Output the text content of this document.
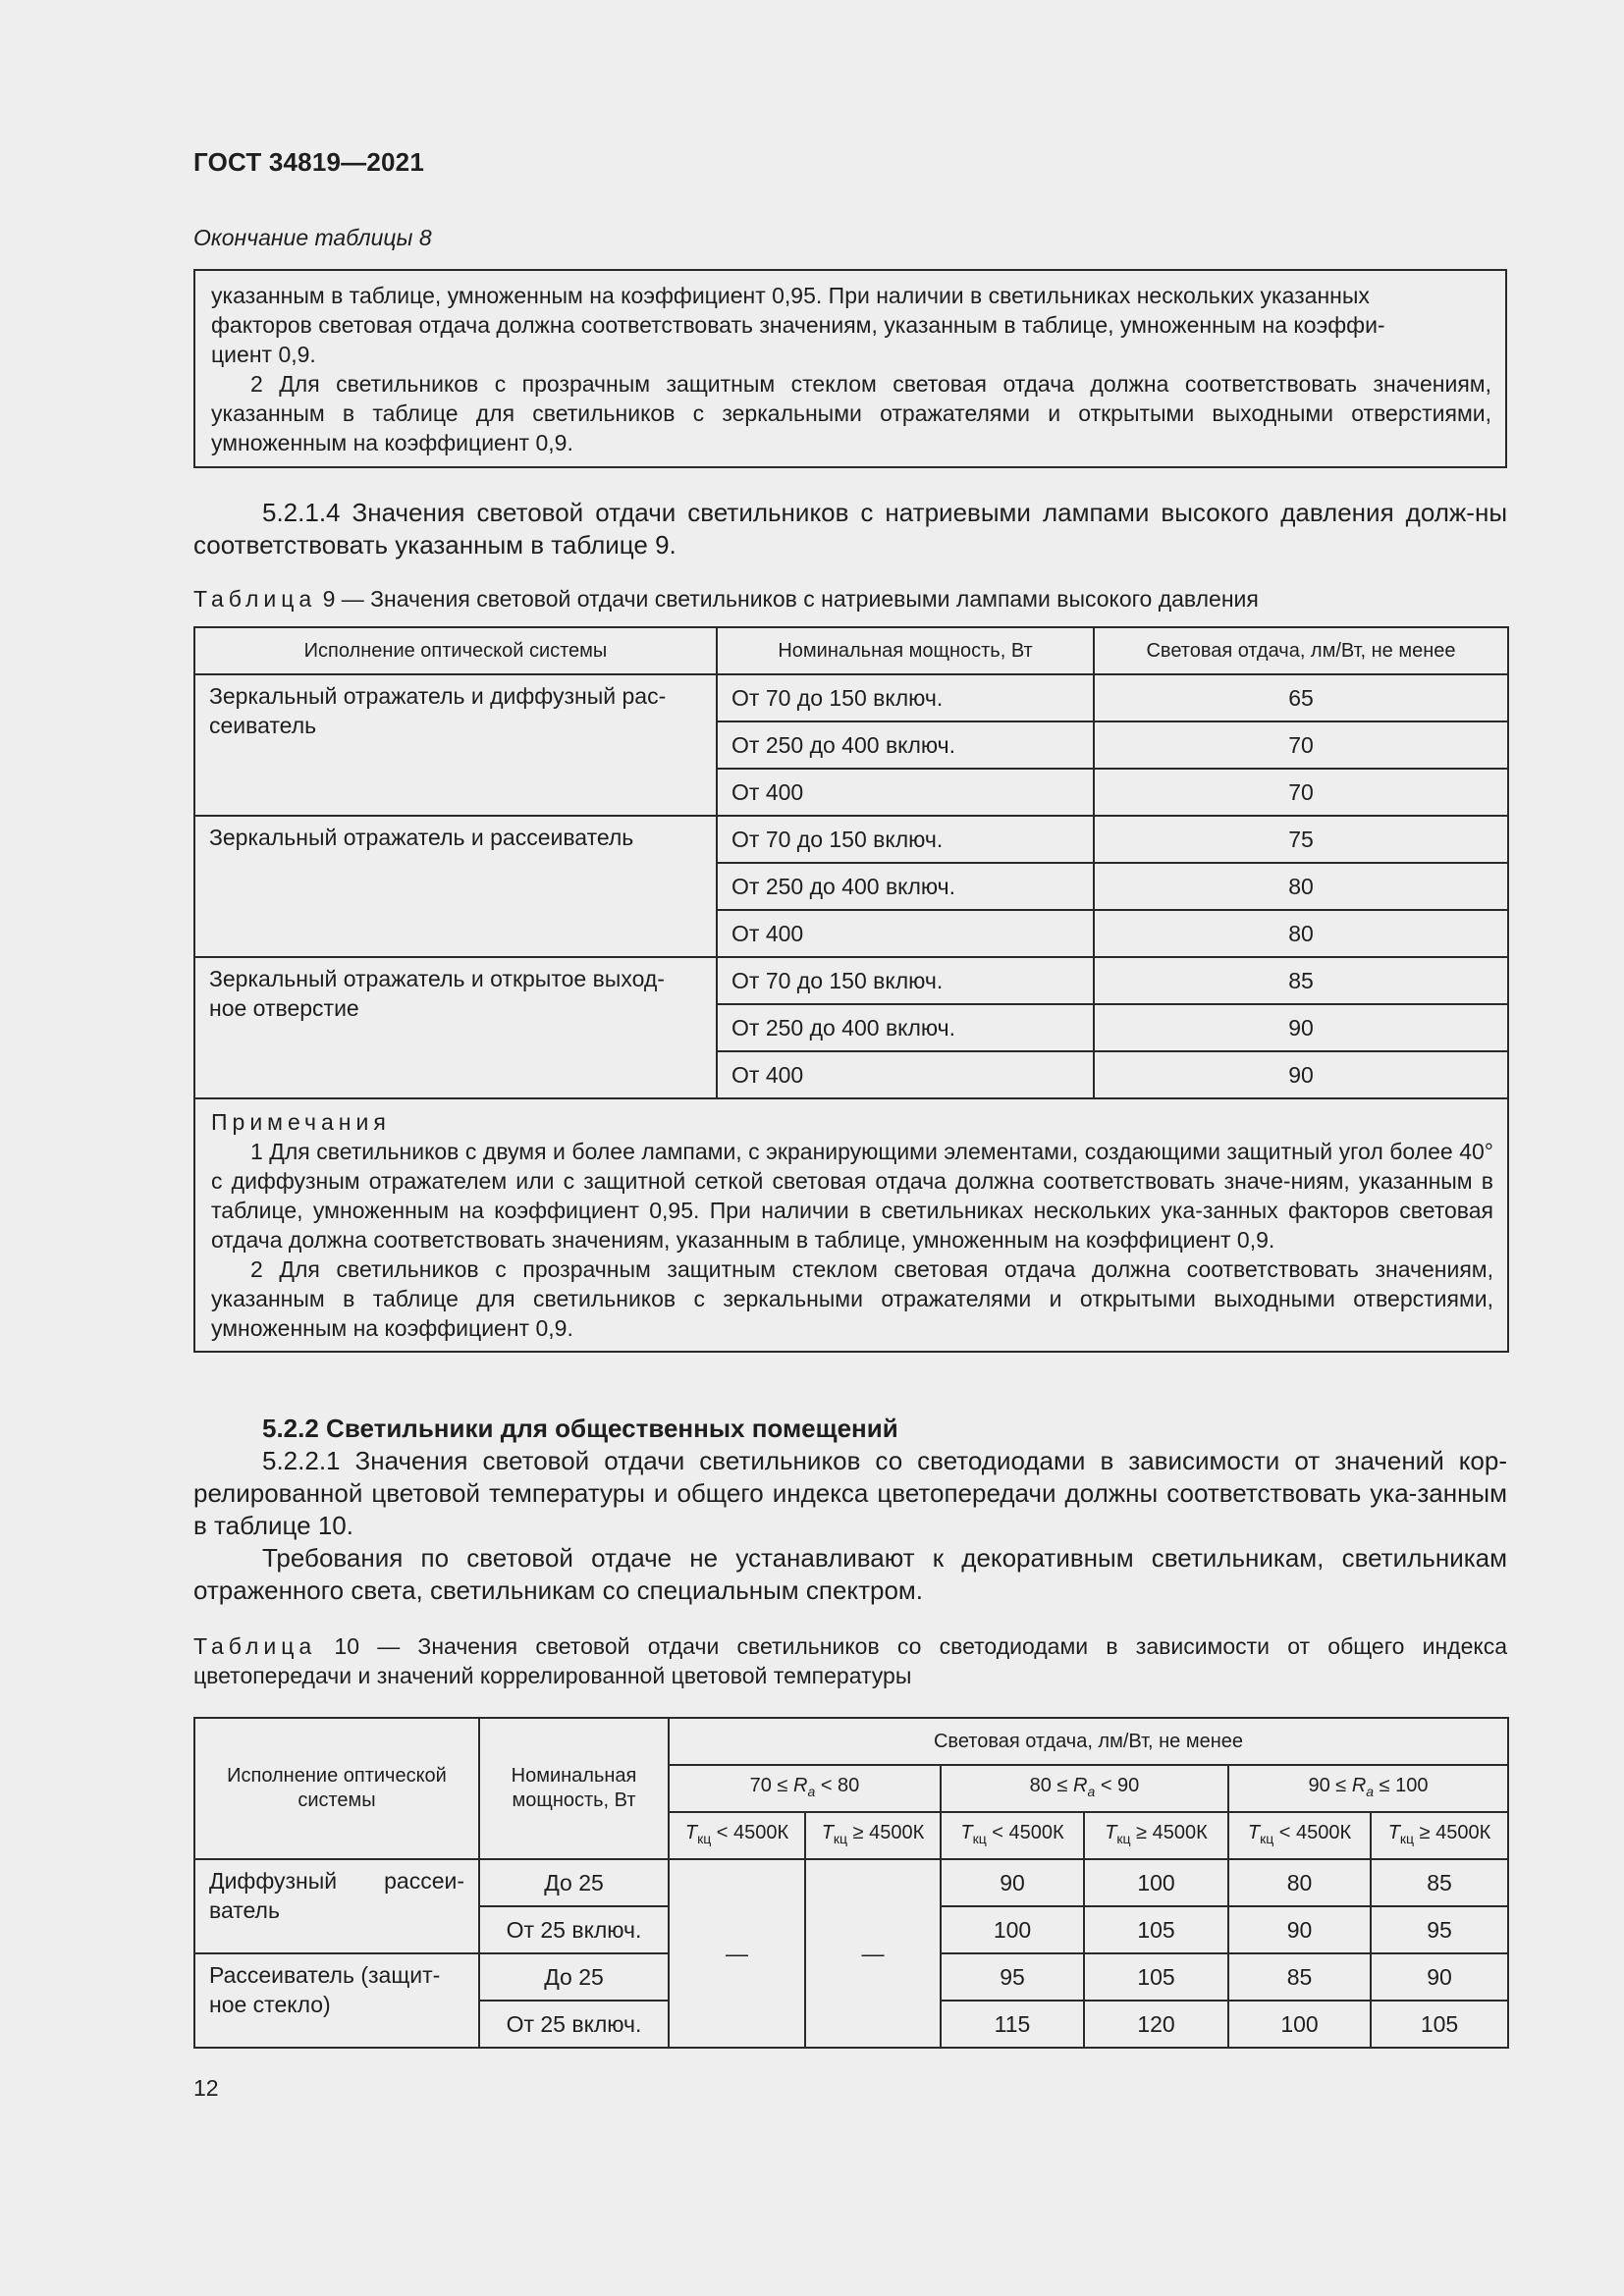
ГОСТ 34819—2021
Окончание таблицы 8

указанным в таблице, умноженным на коэффициент 0,95. При наличии в светильниках нескольких указанных

факторов световая отдача должна соответствовать значениям, указанным в таблице, умноженным на коэффи-

циент 0,9.

2 Для светильников с прозрачным защитным стеклом световая отдача должна соответствовать значениям, указанным в таблице для светильников с зеркальными отражателями и открытыми выходными отверстиями, умноженным на коэффициент 0,9.

5.2.1.4 Значения световой отдачи светильников с натриевыми лампами высокого давления долж-ны соответствовать указанным в таблице 9.

Таблица 9 — Значения световой отдачи светильников с натриевыми лампами высокого давления

Исполнение оптической системы	Номинальная мощность, Вт	Световая отдача, лм/Вт, не менее
Зеркальный отражатель и диффузный рас-сеиватель	От 70 до 150 включ.	65
	От 250 до 400 включ.	70
	От 400	70
Зеркальный отражатель и рассеиватель	От 70 до 150 включ.	75
	От 250 до 400 включ.	80
	От 400	80
Зеркальный отражатель и открытое выход-ное отверстие	От 70 до 150 включ.	85
	От 250 до 400 включ.	90
	От 400	90

Примечания

1 Для светильников с двумя и более лампами, с экранирующими элементами, создающими защитный угол более 40° с диффузным отражателем или с защитной сеткой световая отдача должна соответствовать значе-ниям, указанным в таблице, умноженным на коэффициент 0,95. При наличии в светильниках нескольких ука-занных факторов световая отдача должна соответствовать значениям, указанным в таблице, умноженным на коэффициент 0,9.

2 Для светильников с прозрачным защитным стеклом световая отдача должна соответствовать значениям, указанным в таблице для светильников с зеркальными отражателями и открытыми выходными отверстиями, умноженным на коэффициент 0,9.		

5.2.2 Светильники для общественных помещений

5.2.2.1 Значения световой отдачи светильников со светодиодами в зависимости от значений кор-релированной цветовой температуры и общего индекса цветопередачи должны соответствовать ука-занным в таблице 10.

Требования по световой отдаче не устанавливают к декоративным светильникам, светильникам отраженного света, светильникам со специальным спектром.

Таблица 10 — Значения световой отдачи светильников со светодиодами в зависимости от общего индекса цветопередачи и значений коррелированной цветовой температуры

Исполнение оптической системы	Номинальная мощность, Вт	Световая отдача, лм/Вт, не менее					
		$70 \le R_a < 80$		$80 \le R_a < 90$		$90 \le R_a \le 100$	
		$T_{кц} < 4500К$	$T_{кц} \ge 4500К$	$T_{кц} < 4500К$	$T_{кц} \ge 4500К$	$T_{кц} < 4500К$	$T_{кц} \ge 4500К$
Диффузный рассеи-ватель	До 25	—	—	90	100	80	85
	От 25 включ.			100	105	90	95
Рассеиватель (защит-ное стекло)	До 25			95	105	85	90
	От 25 включ.			115	120	100	105
12
